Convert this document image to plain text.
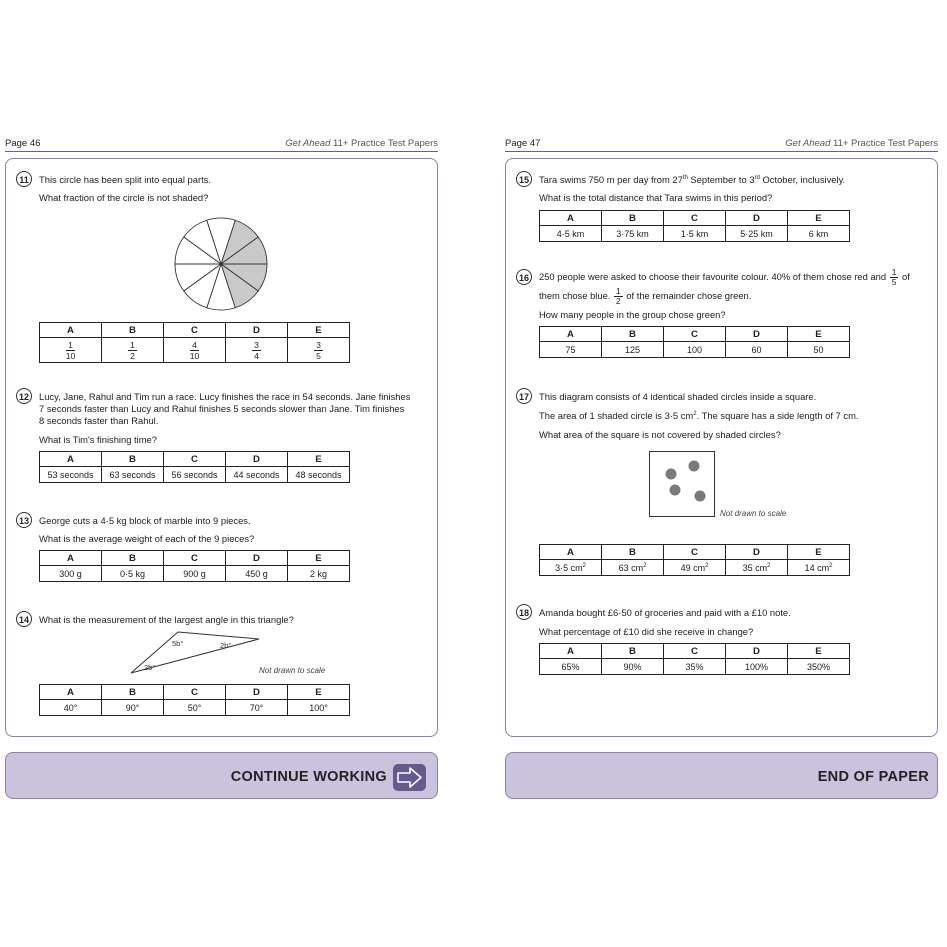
Page 46	Get Ahead 11+ Practice Test Papers
11	This circle has been split into equal parts.
What fraction of the circle is not shaded?
A	B	C	D	E

$\frac{1}{10}$	$\frac{1}{2}$	$\frac{4}{10}$	$\frac{3}{4}$	$\frac{3}{5}$
12	Lucy, Jane, Rahul and Tim run a race. Lucy finishes the race in 54 seconds. Jane finishes
7 seconds faster than Lucy and Rahul finishes 5 seconds slower than Jane. Tim finishes
8 seconds faster than Rahul.
What is Tim's finishing time?
A	B	C	D	E
53 seconds	63 seconds	56 seconds	44 seconds	48 seconds
13	George cuts a 4·5 kg block of marble into 9 pieces.
What is the average weight of each of the 9 pieces?
A	B	C	D	E
300 g	0·5 kg	900 g	450 g	2 kg
14	What is the measurement of the largest angle in this triangle?
5b°	2b°
2b°	Not drawn to scale
A	B	C	D	E
40°	90°	50°	70°	100°
CONTINUE WORKING
Page 47	Get Ahead 11+ Practice Test Papers
15	Tara swims 750 m per day from 27th September to 3rd October, inclusively.
What is the total distance that Tara swims in this period?
A	B	C	D	E
4·5 km	3·75 km	1·5 km	5·25 km	6 km
16	250 people were asked to choose their favourite colour. 40% of them chose red and $\frac{1}{5}$ of
them chose blue. $\frac{1}{2}$ of the remainder chose green.
How many people in the group chose green?
A	B	C	D	E
75	125	100	60	50
17	This diagram consists of 4 identical shaded circles inside a square.
The area of 1 shaded circle is 3·5 $cm^2$. The square has a side length of 7 cm.
What area of the square is not covered by shaded circles?
Not drawn to scale
A	B	C	D	E
3·5 $cm^2$	63 $cm^2$	49 $cm^2$	35 $cm^2$	14 $cm^2$
18	Amanda bought £6·50 of groceries and paid with a £10 note.
What percentage of £10 did she receive in change?
A	B	C	D	E
65%	90%	35%	100%	350%
END OF PAPER
